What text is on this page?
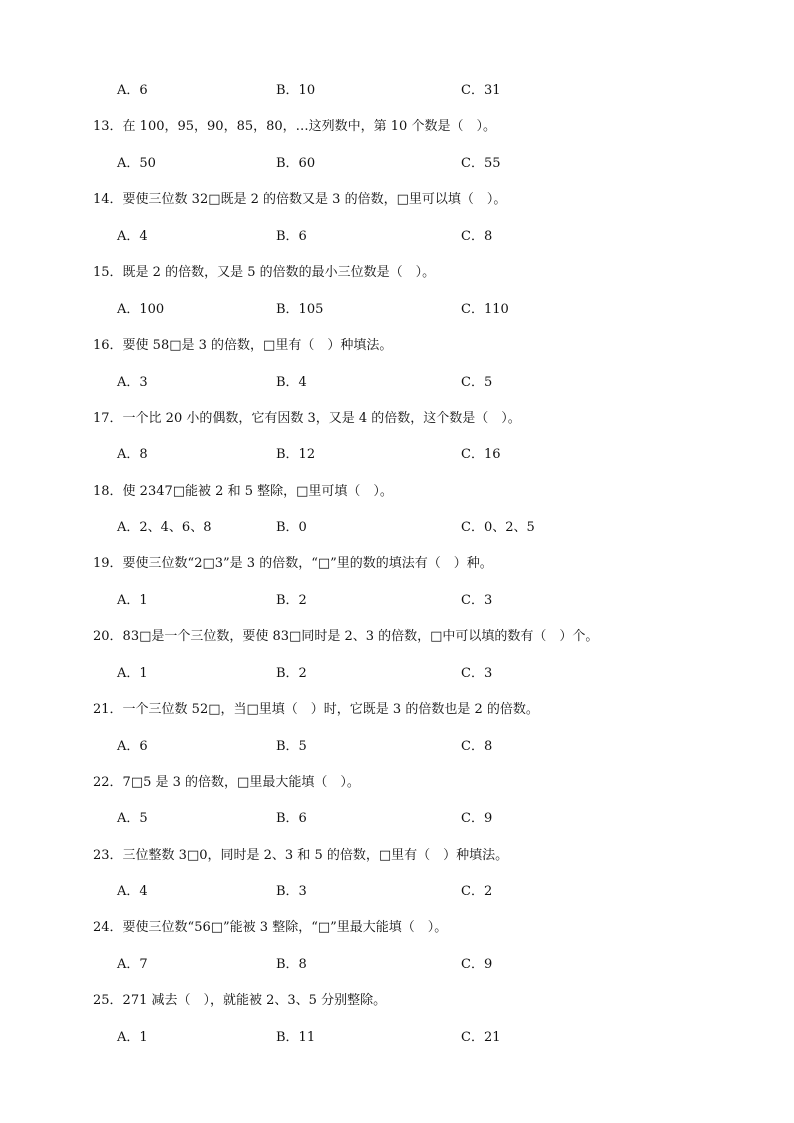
A．6	B．10	C．31
13．在 100，95，90，85，80，…这列数中，第 10 个数是（　）。
A．50	B．60	C．55
14．要使三位数 32□既是 2 的倍数又是 3 的倍数，□里可以填（　）。
A．4	B．6	C．8
15．既是 2 的倍数，又是 5 的倍数的最小三位数是（　）。
A．100	B．105	C．110
16．要使 58□是 3 的倍数，□里有（　）种填法。
A．3	B．4	C．5
17．一个比 20 小的偶数，它有因数 3，又是 4 的倍数，这个数是（　）。
A．8	B．12	C．16
18．使 2347□能被 2 和 5 整除，□里可填（　）。
A．2、4、6、8	B．0	C．0、2、5
19．要使三位数“2□3”是 3 的倍数，“□”里的数的填法有（　）种。
A．1	B．2	C．3
20．83□是一个三位数，要使 83□同时是 2、3 的倍数，□中可以填的数有（　）个。
A．1	B．2	C．3
21．一个三位数 52□，当□里填（　）时，它既是 3 的倍数也是 2 的倍数。
A．6	B．5	C．8
22．7□5 是 3 的倍数，□里最大能填（　）。
A．5	B．6	C．9
23．三位整数 3□0，同时是 2、3 和 5 的倍数，□里有（　）种填法。
A．4	B．3	C．2
24．要使三位数“56□”能被 3 整除，“□”里最大能填（　）。
A．7	B．8	C．9
25．271 减去（　），就能被 2、3、5 分别整除。
A．1	B．11	C．21
